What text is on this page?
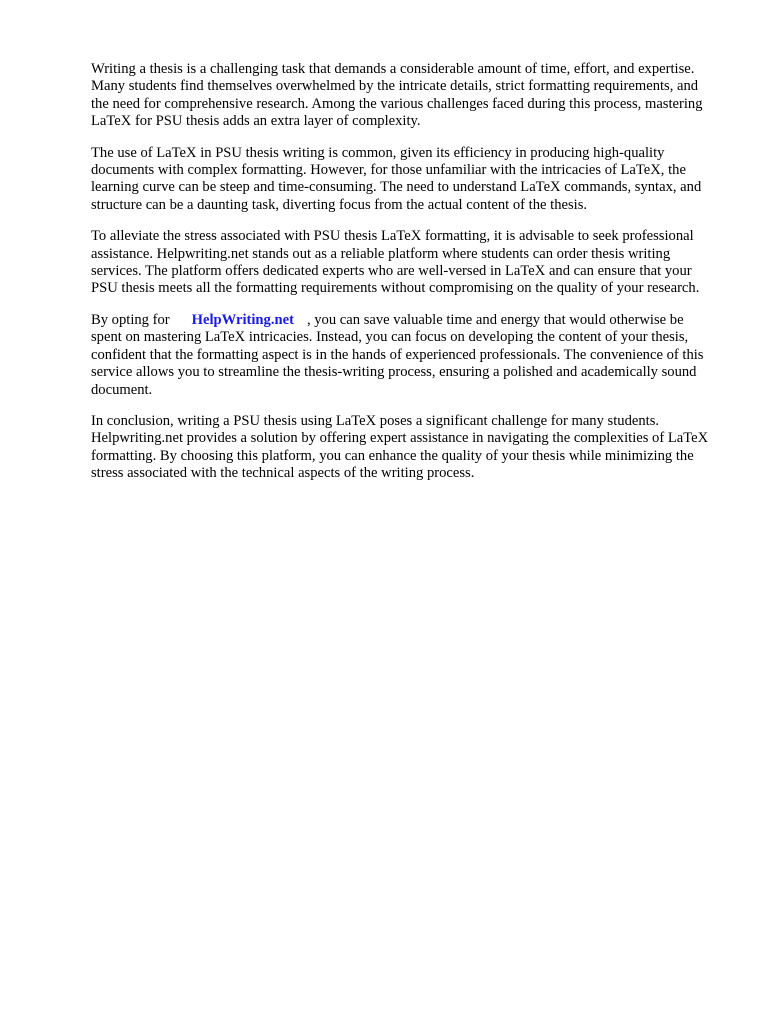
Writing a thesis is a challenging task that demands a considerable amount of time, effort, and expertise. Many students find themselves overwhelmed by the intricate details, strict formatting requirements, and the need for comprehensive research. Among the various challenges faced during this process, mastering LaTeX for PSU thesis adds an extra layer of complexity.

The use of LaTeX in PSU thesis writing is common, given its efficiency in producing high-quality documents with complex formatting. However, for those unfamiliar with the intricacies of LaTeX, the learning curve can be steep and time-consuming. The need to understand LaTeX commands, syntax, and structure can be a daunting task, diverting focus from the actual content of the thesis.

To alleviate the stress associated with PSU thesis LaTeX formatting, it is advisable to seek professional assistance. Helpwriting.net stands out as a reliable platform where students can order thesis writing services. The platform offers dedicated experts who are well-versed in LaTeX and can ensure that your PSU thesis meets all the formatting requirements without compromising on the quality of your research.

By opting for HelpWriting.net , you can save valuable time and energy that would otherwise be spent on mastering LaTeX intricacies. Instead, you can focus on developing the content of your thesis, confident that the formatting aspect is in the hands of experienced professionals. The convenience of this service allows you to streamline the thesis-writing process, ensuring a polished and academically sound document.

In conclusion, writing a PSU thesis using LaTeX poses a significant challenge for many students. Helpwriting.net provides a solution by offering expert assistance in navigating the complexities of LaTeX formatting. By choosing this platform, you can enhance the quality of your thesis while minimizing the stress associated with the technical aspects of the writing process.
